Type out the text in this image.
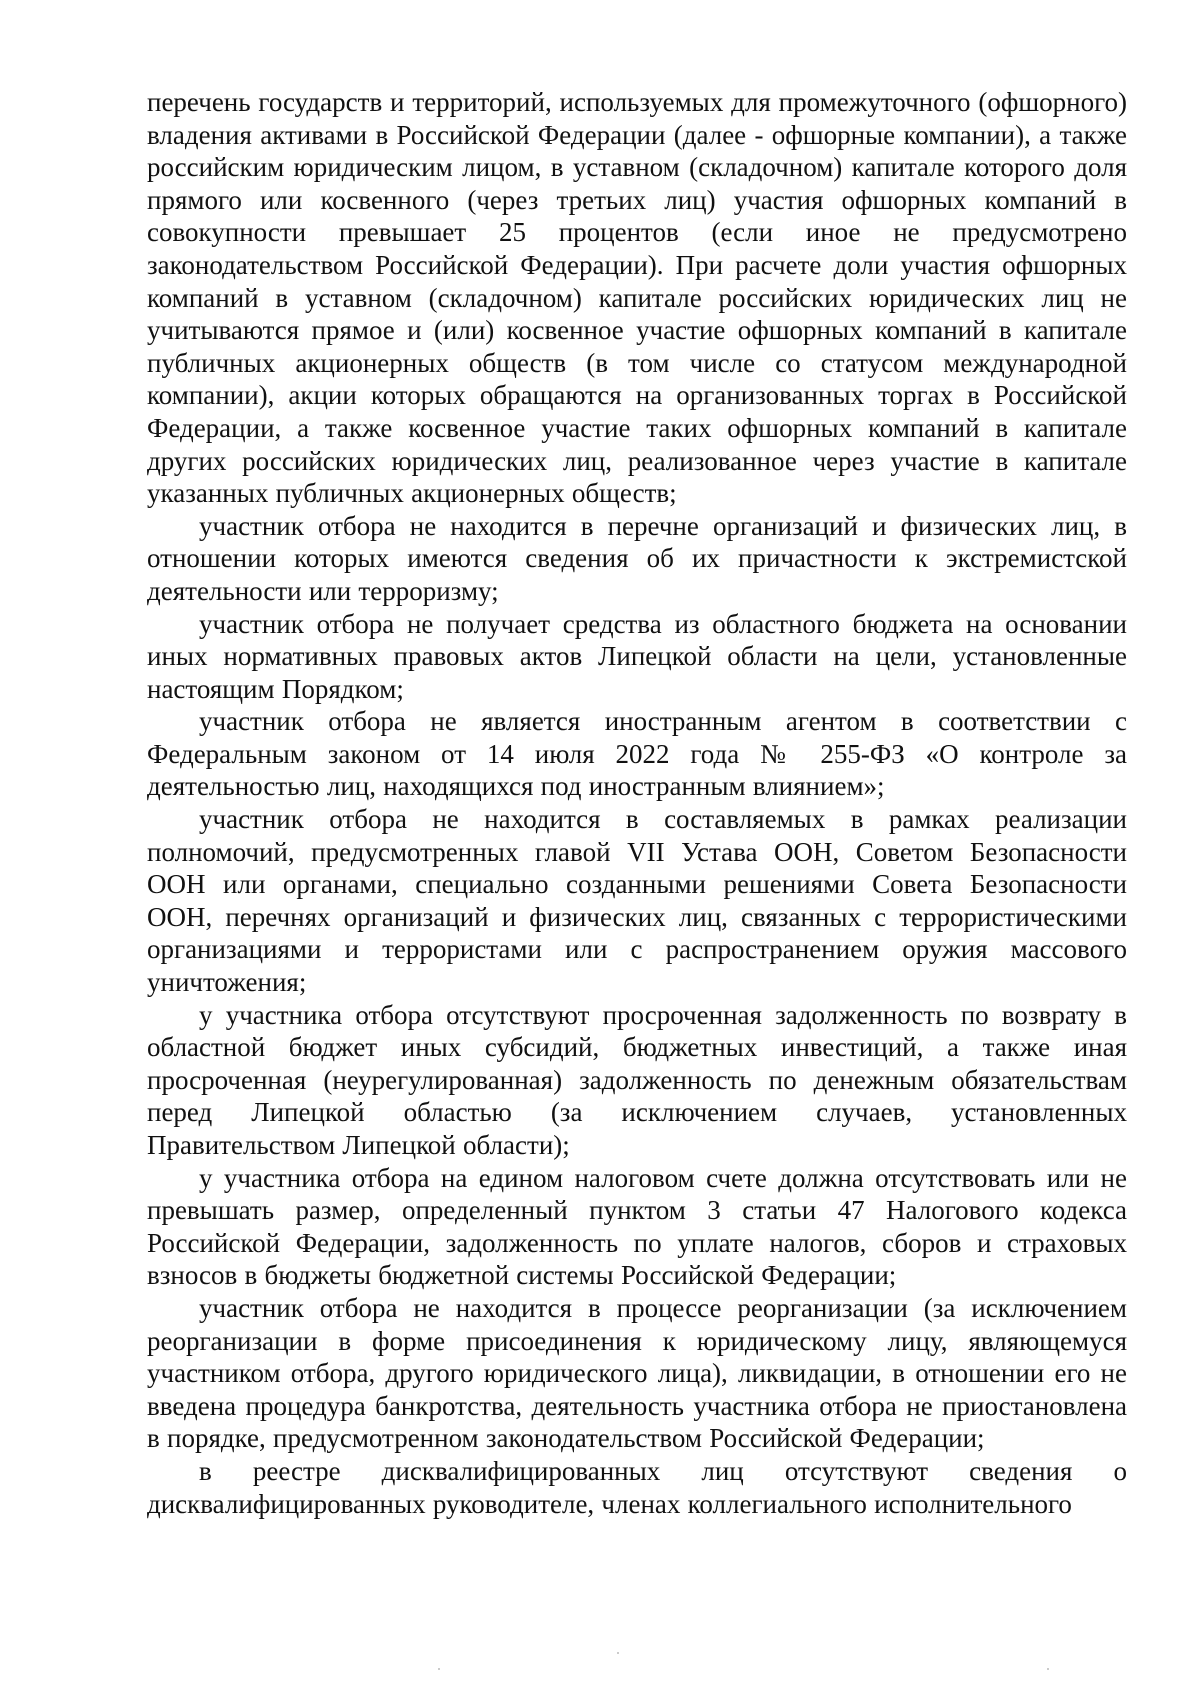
перечень государств и территорий, используемых для промежуточного (офшорного) владения активами в Российской Федерации (далее - офшорные компании), а также российским юридическим лицом, в уставном (складочном) капитале которого доля прямого или косвенного (через третьих лиц) участия офшорных компаний в совокупности превышает 25 процентов (если иное не предусмотрено законодательством Российской Федерации). При расчете доли участия офшорных компаний в уставном (складочном) капитале российских юридических лиц не учитываются прямое и (или) косвенное участие офшорных компаний в капитале публичных акционерных обществ (в том числе со статусом международной компании), акции которых обращаются на организованных торгах в Российской Федерации, а также косвенное участие таких офшорных компаний в капитале других российских юридических лиц, реализованное через участие в капитале указанных публичных акционерных обществ;

участник отбора не находится в перечне организаций и физических лиц, в отношении которых имеются сведения об их причастности к экстремистской деятельности или терроризму;

участник отбора не получает средства из областного бюджета на основании иных нормативных правовых актов Липецкой области на цели, установленные настоящим Порядком;

участник отбора не является иностранным агентом в соответствии с Федеральным законом от 14 июля 2022 года № 255-ФЗ «О контроле за деятельностью лиц, находящихся под иностранным влиянием»;

участник отбора не находится в составляемых в рамках реализации полномочий, предусмотренных главой VII Устава ООН, Советом Безопасности ООН или органами, специально созданными решениями Совета Безопасности ООН, перечнях организаций и физических лиц, связанных с террористическими организациями и террористами или с распространением оружия массового уничтожения;

у участника отбора отсутствуют просроченная задолженность по возврату в областной бюджет иных субсидий, бюджетных инвестиций, а также иная просроченная (неурегулированная) задолженность по денежным обязательствам перед Липецкой областью (за исключением случаев, установленных Правительством Липецкой области);

у участника отбора на едином налоговом счете должна отсутствовать или не превышать размер, определенный пунктом 3 статьи 47 Налогового кодекса Российской Федерации, задолженность по уплате налогов, сборов и страховых взносов в бюджеты бюджетной системы Российской Федерации;

участник отбора не находится в процессе реорганизации (за исключением реорганизации в форме присоединения к юридическому лицу, являющемуся участником отбора, другого юридического лица), ликвидации, в отношении его не введена процедура банкротства, деятельность участника отбора не приостановлена в порядке, предусмотренном законодательством Российской Федерации;

в реестре дисквалифицированных лиц отсутствуют сведения о дисквалифицированных руководителе, членах коллегиального исполнительного
